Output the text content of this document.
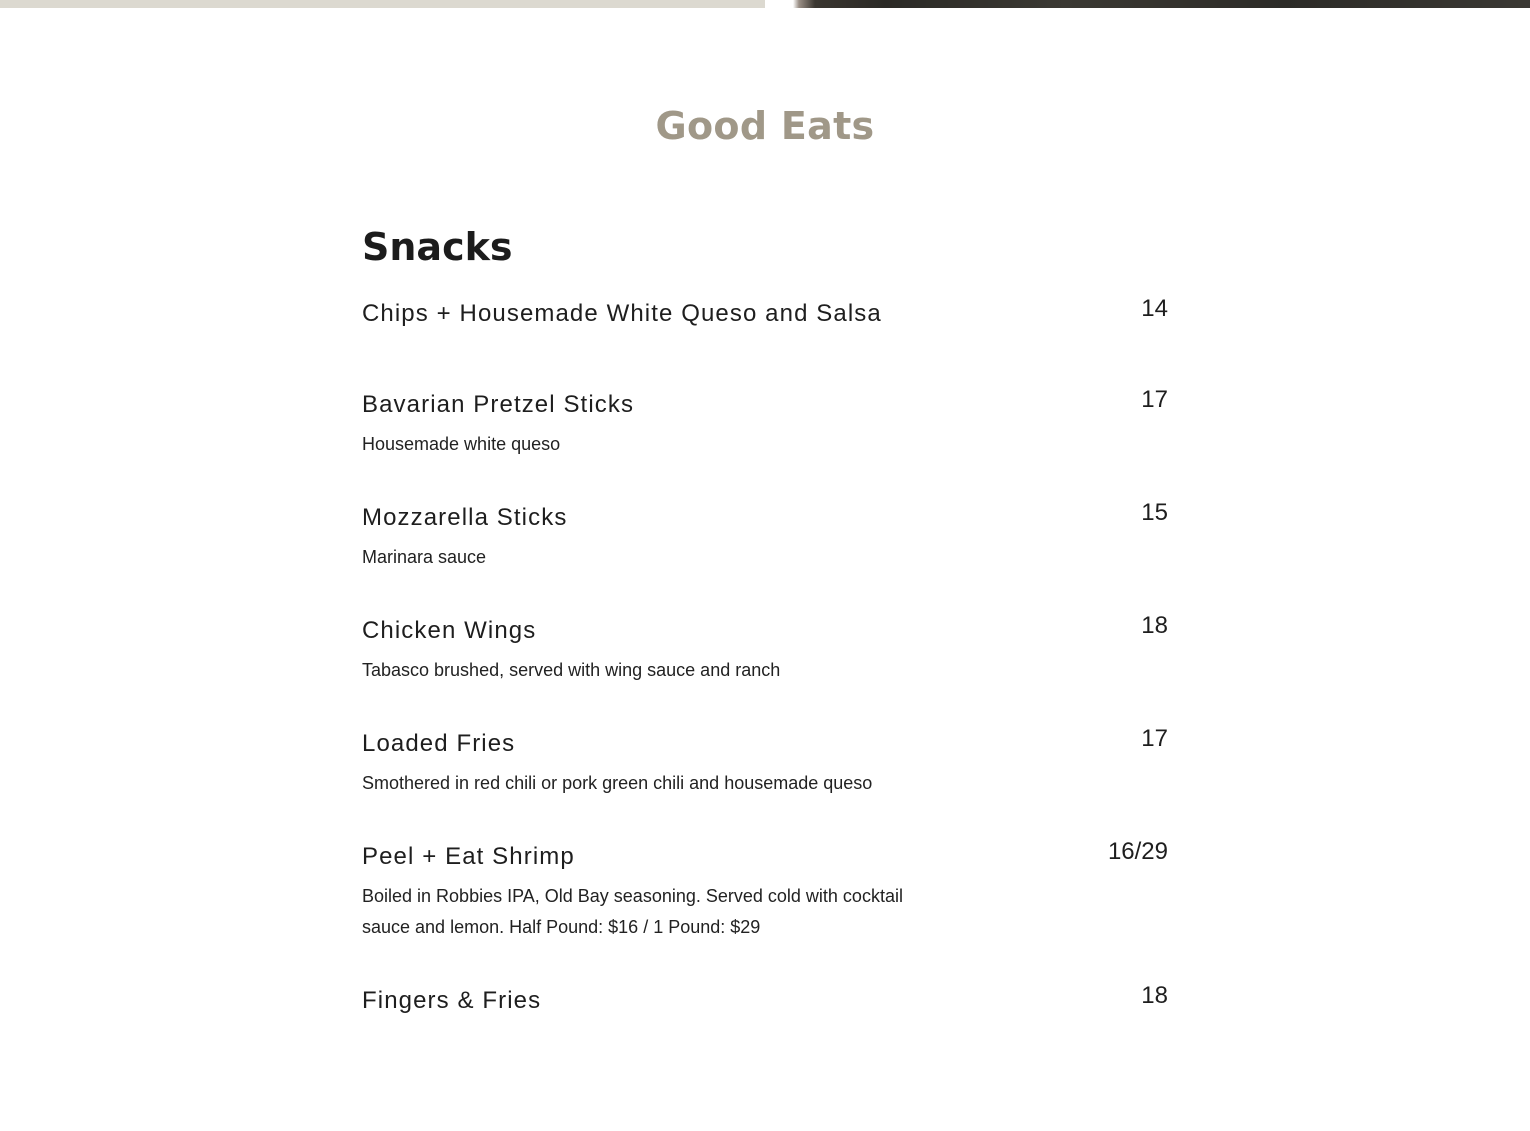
Good Eats
Snacks
Chips + Housemade White Queso and Salsa	14
Bavarian Pretzel Sticks	17
Housemade white queso
Mozzarella Sticks	15
Marinara sauce
Chicken Wings	18
Tabasco brushed, served with wing sauce and ranch
Loaded Fries	17
Smothered in red chili or pork green chili and housemade queso
Peel + Eat Shrimp	16/29
Boiled in Robbies IPA, Old Bay seasoning. Served cold with cocktail sauce and lemon. Half Pound: $16 / 1 Pound: $29
Fingers & Fries	18
